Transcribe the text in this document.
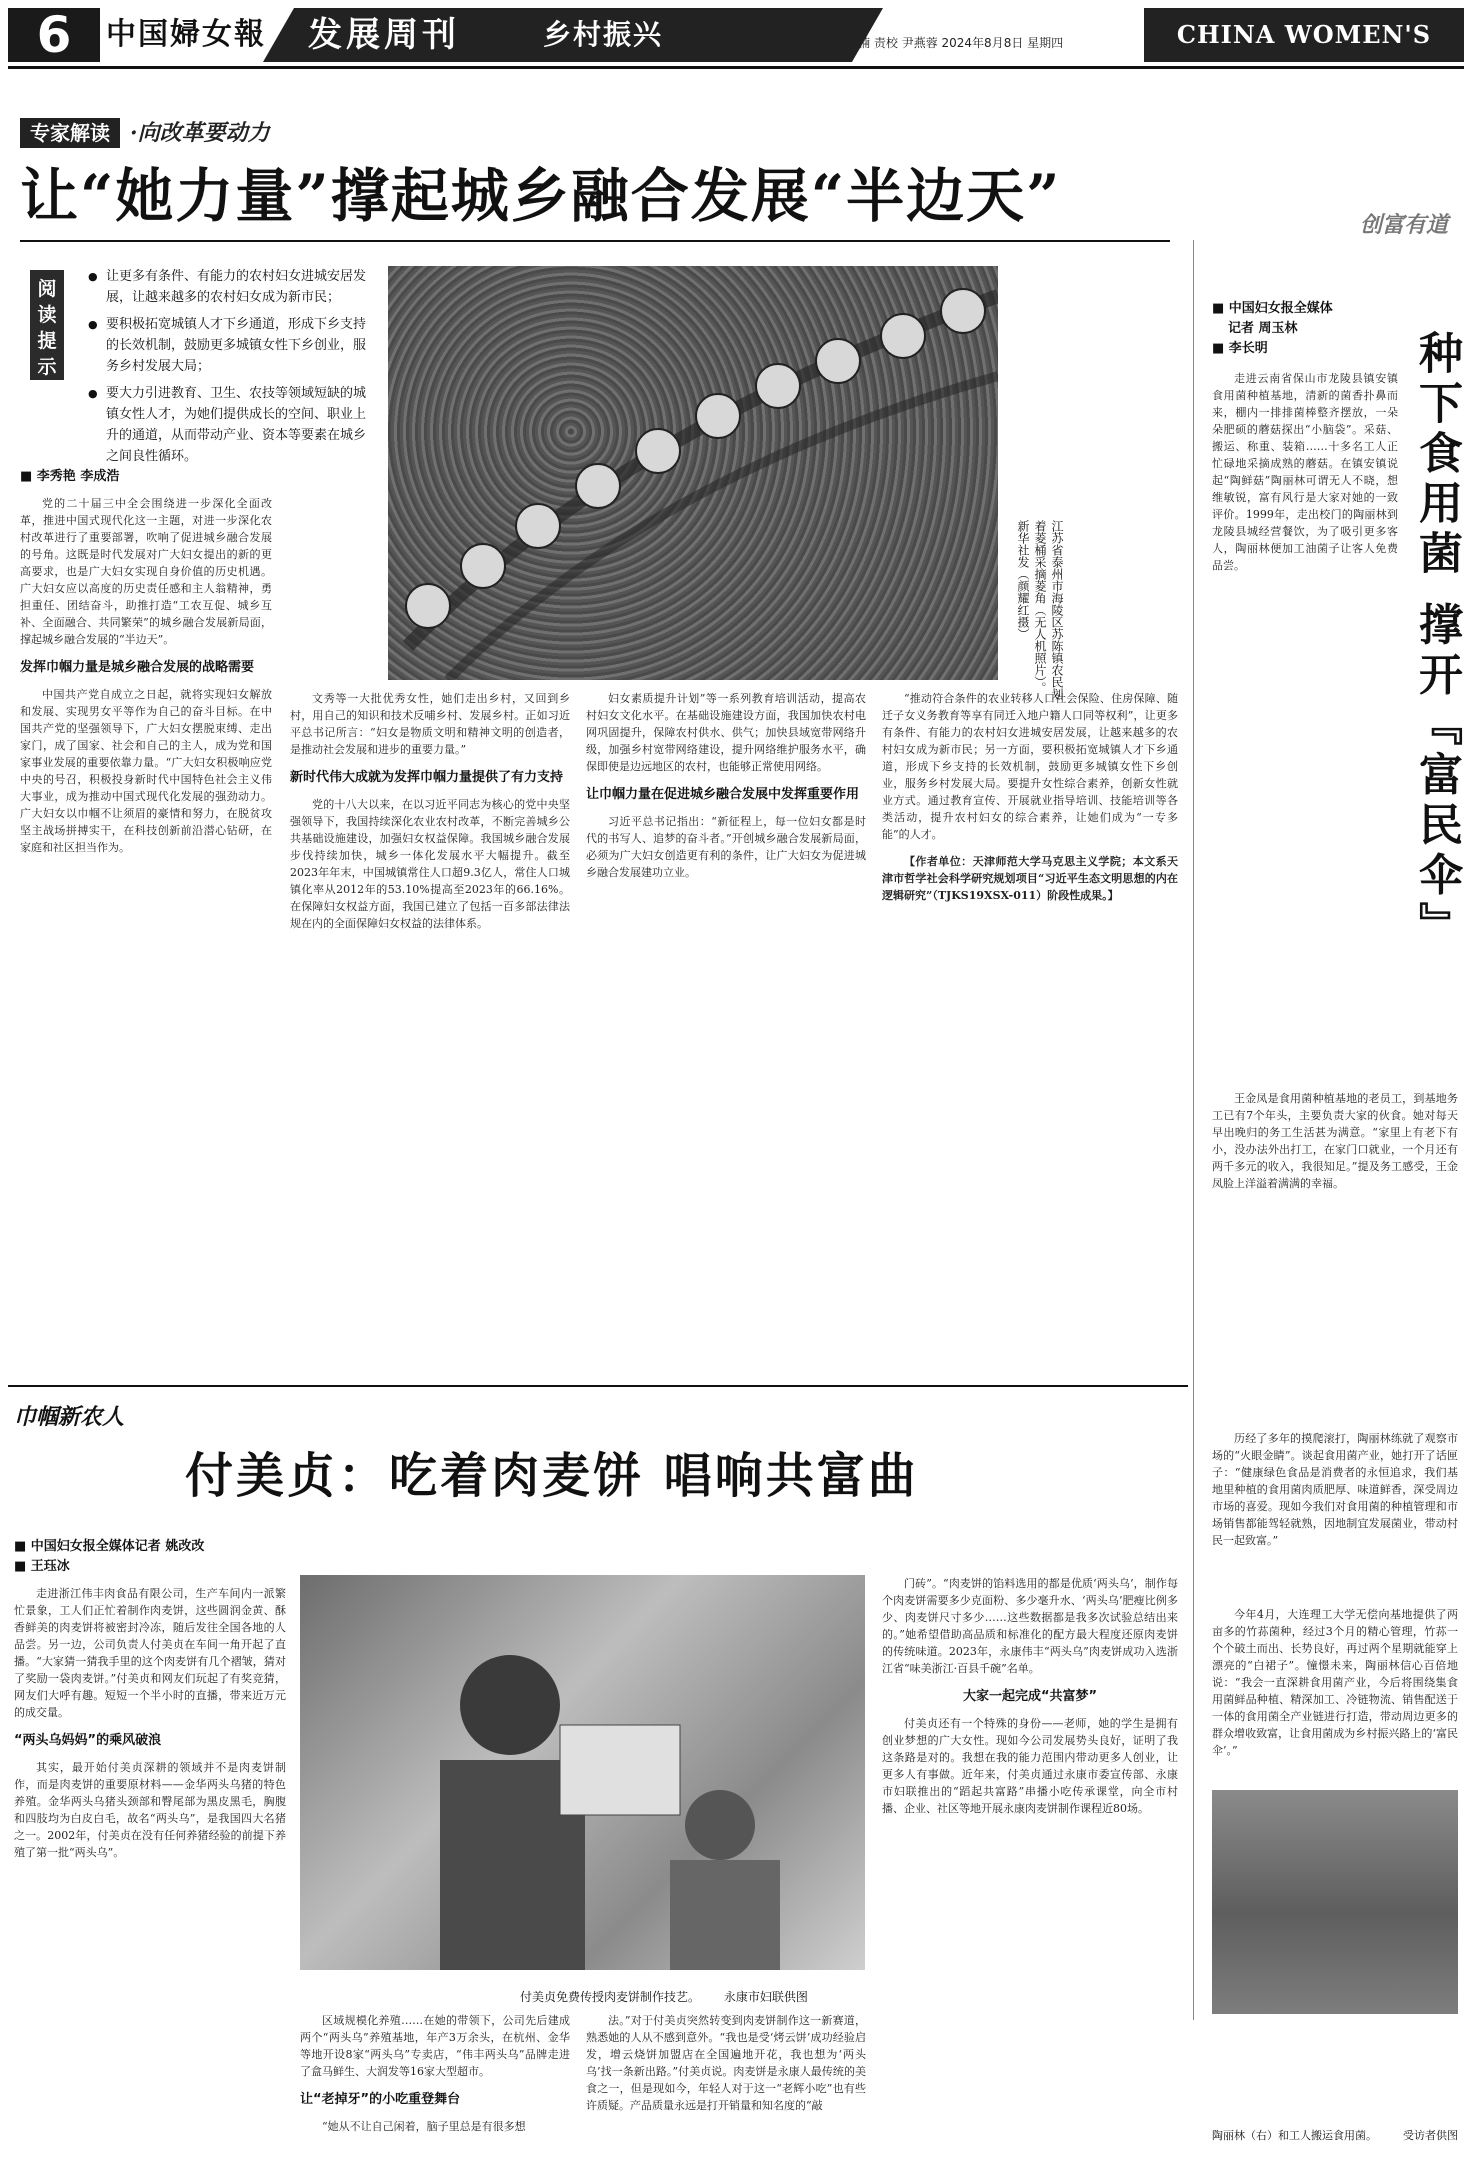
6	中国婦女報 发展周刊	乡村振兴 主编 李雪婷 编辑 田梦迎 美编 曹楠 责校 尹燕蓉 2024年8月8日 星期四	CHINA WOMEN'S NEWS
专家解读 ·向改革要动力
让“她力量”撑起城乡融合发展“半边天”
阅读提示
● 让更多有条件、有能力的农村妇女进城安居发展，让越来越多的农村妇女成为新市民；
● 要积极拓宽城镇人才下乡通道，形成下乡支持的长效机制，鼓励更多城镇女性下乡创业，服务乡村发展大局；
● 要大力引进教育、卫生、农技等领域短缺的城镇女性人才，为她们提供成长的空间、职业上升的通道，从而带动产业、资本等要素在城乡之间良性循环。
江苏省泰州市海陵区苏陈镇农民划着菱桶采摘菱角（无人机照片）。新华社发（颜耀红摄）
■ 李秀艳 李成浩

党的二十届三中全会围绕进一步深化全面改革，推进中国式现代化这一主题，对进一步深化农村改革进行了重要部署，吹响了促进城乡融合发展的号角。这既是时代发展对广大妇女提出的新的更高要求，也是广大妇女实现自身价值的历史机遇。广大妇女应以高度的历史责任感和主人翁精神，勇担重任、团结奋斗，助推打造“工农互促、城乡互补、全面融合、共同繁荣”的城乡融合发展新局面，撑起城乡融合发展的“半边天”。

发挥巾帼力量是城乡融合发展的战略需要

中国共产党自成立之日起，就将实现妇女解放和发展、实现男女平等作为自己的奋斗目标。在中国共产党的坚强领导下，广大妇女摆脱束缚、走出家门，成了国家、社会和自己的主人，成为党和国家事业发展的重要依靠力量。“广大妇女积极响应党中央的号召，积极投身新时代中国特色社会主义伟大事业，成为推动中国式现代化发展的强劲动力。广大妇女以巾帼不让须眉的豪情和努力，在脱贫攻坚主战场拼搏实干，在科技创新前沿潜心钻研，在家庭和社区担当作为。

文秀等一大批优秀女性，她们走出乡村，又回到乡村，用自己的知识和技术反哺乡村、发展乡村。正如习近平总书记所言：“妇女是物质文明和精神文明的创造者，是推动社会发展和进步的重要力量。”

新时代伟大成就为发挥巾帼力量提供了有力支持

党的十八大以来，在以习近平同志为核心的党中央坚强领导下，我国持续深化农业农村改革，不断完善城乡公共基础设施建设，加强妇女权益保障。我国城乡融合发展步伐持续加快，城乡一体化发展水平大幅提升。截至2023年年末，中国城镇常住人口超9.3亿人，常住人口城镇化率从2012年的53.10%提高至2023年的66.16%。在保障妇女权益方面，我国已建立了包括一百多部法律法规在内的全面保障妇女权益的法律体系。

妇女素质提升计划”等一系列教育培训活动，提高农村妇女文化水平。在基础设施建设方面，我国加快农村电网巩固提升，保障农村供水、供气；加快县域宽带网络升级，加强乡村宽带网络建设，提升网络维护服务水平，确保即使是边远地区的农村，也能够正常使用网络。

让巾帼力量在促进城乡融合发展中发挥重要作用

习近平总书记指出：“新征程上，每一位妇女都是时代的书写人、追梦的奋斗者。”开创城乡融合发展新局面，必须为广大妇女创造更有利的条件，让广大妇女为促进城乡融合发展建功立业。

“推动符合条件的农业转移人口社会保险、住房保障、随迁子女义务教育等享有同迁入地户籍人口同等权利”，让更多有条件、有能力的农村妇女进城安居发展，让越来越多的农村妇女成为新市民；另一方面，要积极拓宽城镇人才下乡通道，形成下乡支持的长效机制，鼓励更多城镇女性下乡创业，服务乡村发展大局。要提升女性综合素养，创新女性就业方式。通过教育宣传、开展就业指导培训、技能培训等各类活动，提升农村妇女的综合素养，让她们成为“一专多能”的人才。

【作者单位：天津师范大学马克思主义学院；本文系天津市哲学社会科学研究规划项目“习近平生态文明思想的内在逻辑研究”（TJKS19XSX-011）阶段性成果。】

创富有道
■ 中国妇女报全媒体
记者 周玉林
■ 李长明	种下食用菌 撑开『富民伞』

走进云南省保山市龙陵县镇安镇食用菌种植基地，清新的菌香扑鼻而来，棚内一排排菌棒整齐摆放，一朵朵肥硕的蘑菇探出“小脑袋”。采菇、搬运、称重、装箱……十多名工人正忙碌地采摘成熟的蘑菇。在镇安镇说起“陶鲜菇”陶丽林可谓无人不晓，想维敏锐，富有风行是大家对她的一致评价。1999年，走出校门的陶丽林到龙陵县城经营餐饮，为了吸引更多客人，陶丽林便加工油菌子让客人免费品尝。

王金凤是食用菌种植基地的老员工，到基地务工已有7个年头，主要负责大家的伙食。她对每天早出晚归的务工生活甚为满意。“家里上有老下有小，没办法外出打工，在家门口就业，一个月还有两千多元的收入，我很知足。”提及务工感受，王金凤脸上洋溢着满满的幸福。

历经了多年的摸爬滚打，陶丽林练就了观察市场的“火眼金睛”。谈起食用菌产业，她打开了话匣子：“健康绿色食品是消费者的永恒追求，我们基地里种植的食用菌肉质肥厚、味道鲜香，深受周边市场的喜爱。现如今我们对食用菌的种植管理和市场销售都能驾轻就熟，因地制宜发展菌业，带动村民一起致富。”

今年4月，大连理工大学无偿向基地提供了两亩多的竹荪菌种，经过3个月的精心管理，竹荪一个个破土而出、长势良好，再过两个星期就能穿上漂亮的“白裙子”。憧憬未来，陶丽林信心百倍地说：“我会一直深耕食用菌产业，今后将围绕集食用菌鲜品种植、精深加工、冷链物流、销售配送于一体的食用菌全产业链进行打造，带动周边更多的群众增收致富，让食用菌成为乡村振兴路上的‘富民伞’。”

陶丽林（右）和工人搬运食用菌。 受访者供图
巾帼新农人
付美贞：吃着肉麦饼 唱响共富曲
■ 中国妇女报全媒体记者 姚改改
■ 王珏冰

走进浙江伟丰肉食品有限公司，生产车间内一派繁忙景象，工人们正忙着制作肉麦饼，这些圆润金黄、酥香鲜美的肉麦饼将被密封冷冻，随后发往全国各地的人品尝。另一边，公司负责人付美贞在车间一角开起了直播。“大家猜一猜我手里的这个肉麦饼有几个褶皱，猜对了奖励一袋肉麦饼。”付美贞和网友们玩起了有奖竞猜，网友们大呼有趣。短短一个半小时的直播，带来近万元的成交量。

“两头乌妈妈”的乘风破浪

其实，最开始付美贞深耕的领域并不是肉麦饼制作，而是肉麦饼的重要原材料——金华两头乌猪的特色养殖。金华两头乌猪头颈部和臀尾部为黑皮黑毛，胸腹和四肢均为白皮白毛，故名“两头乌”，是我国四大名猪之一。2002年，付美贞在没有任何养猪经验的前提下养殖了第一批“两头乌”。

付美贞免费传授肉麦饼制作技艺。 永康市妇联供图

区域规模化养殖……在她的带领下，公司先后建成两个“两头乌”养殖基地，年产3万余头，在杭州、金华等地开设8家“两头乌”专卖店，“伟丰两头乌”品牌走进了盒马鲜生、大润发等16家大型超市。

让“老掉牙”的小吃重登舞台

“她从不让自己闲着，脑子里总是有很多想

法。”对于付美贞突然转变到肉麦饼制作这一新赛道，熟悉她的人从不感到意外。“我也是受‘烤云饼’成功经验启发，增云烧饼加盟店在全国遍地开花，我也想为‘两头乌’找一条新出路。”付美贞说。肉麦饼是永康人最传统的美食之一，但是现如今，年轻人对于这一“老辉小吃”也有些许质疑。产品质量永远是打开销量和知名度的“敲

门砖”。“肉麦饼的馅料选用的都是优质‘两头乌’，制作每个肉麦饼需要多少克面粉、多少毫升水、‘两头乌’肥瘦比例多少、肉麦饼尺寸多少……这些数据都是我多次试验总结出来的。”她希望借助高品质和标准化的配方最大程度还原肉麦饼的传统味道。2023年，永康伟丰“两头乌”肉麦饼成功入选浙江省“味美浙江·百县千碗”名单。

大家一起完成“共富梦”

付美贞还有一个特殊的身份——老师，她的学生是拥有创业梦想的广大女性。现如今公司发展势头良好，证明了我这条路是对的。我想在我的能力范围内带动更多人创业，让更多人有事做。近年来，付美贞通过永康市委宣传部、永康市妇联推出的“蹈起共富路”串播小吃传承课堂，向全市村播、企业、社区等地开展永康肉麦饼制作课程近80场。
